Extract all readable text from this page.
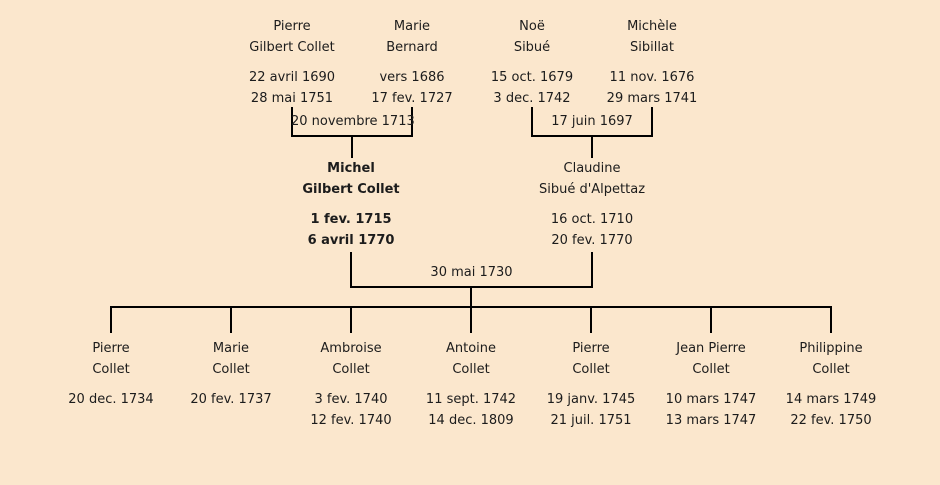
Pierre
Gilbert Collet
22 avril 1690
28 mai 1751
Marie
Bernard
vers 1686
17 fev. 1727
Noë
Sibué
15 oct. 1679
3 dec. 1742
Michèle
Sibillat
11 nov. 1676
29 mars 1741
20 novembre 1713	17 juin 1697
Michel
Gilbert Collet
1 fev. 1715
6 avril 1770
Claudine
Sibué d'Alpettaz
16 oct. 1710
20 fev. 1770
30 mai 1730
Pierre
Collet
20 dec. 1734
Marie
Collet
20 fev. 1737
Ambroise
Collet
3 fev. 1740
12 fev. 1740
Antoine
Collet
11 sept. 1742
14 dec. 1809
Pierre
Collet
19 janv. 1745
21 juil. 1751
Jean Pierre
Collet
10 mars 1747
13 mars 1747
Philippine
Collet
14 mars 1749
22 fev. 1750
